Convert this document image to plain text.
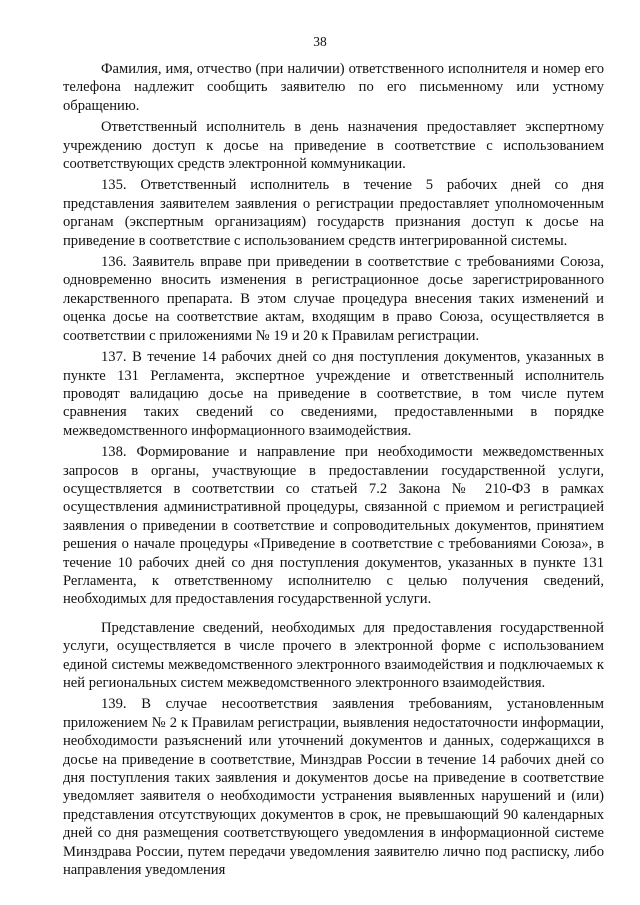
38

Фамилия, имя, отчество (при наличии) ответственного исполнителя и номер его телефона надлежит сообщить заявителю по его письменному или устному обращению.

Ответственный исполнитель в день назначения предоставляет экспертному учреждению доступ к досье на приведение в соответствие с использованием соответствующих средств электронной коммуникации.

135. Ответственный исполнитель в течение 5 рабочих дней со дня представления заявителем заявления о регистрации предоставляет уполномоченным органам (экспертным организациям) государств признания доступ к досье на приведение в соответствие с использованием средств интегрированной системы.

136. Заявитель вправе при приведении в соответствие с требованиями Союза, одновременно вносить изменения в регистрационное досье зарегистрированного лекарственного препарата. В этом случае процедура внесения таких изменений и оценка досье на соответствие актам, входящим в право Союза, осуществляется в соответствии с приложениями № 19 и 20 к Правилам регистрации.

137. В течение 14 рабочих дней со дня поступления документов, указанных в пункте 131 Регламента, экспертное учреждение и ответственный исполнитель проводят валидацию досье на приведение в соответствие, в том числе путем сравнения таких сведений со сведениями, предоставленными в порядке межведомственного информационного взаимодействия.

138. Формирование и направление при необходимости межведомственных запросов в органы, участвующие в предоставлении государственной услуги, осуществляется в соответствии со статьей 7.2 Закона № 210-ФЗ в рамках осуществления административной процедуры, связанной с приемом и регистрацией заявления о приведении в соответствие и сопроводительных документов, принятием решения о начале процедуры «Приведение в соответствие с требованиями Союза», в течение 10 рабочих дней со дня поступления документов, указанных в пункте 131 Регламента, к ответственному исполнителю с целью получения сведений, необходимых для предоставления государственной услуги.

Представление сведений, необходимых для предоставления государственной услуги, осуществляется в числе прочего в электронной форме с использованием единой системы межведомственного электронного взаимодействия и подключаемых к ней региональных систем межведомственного электронного взаимодействия.

139. В случае несоответствия заявления требованиям, установленным приложением № 2 к Правилам регистрации, выявления недостаточности информации, необходимости разъяснений или уточнений документов и данных, содержащихся в досье на приведение в соответствие, Минздрав России в течение 14 рабочих дней со дня поступления таких заявления и документов досье на приведение в соответствие уведомляет заявителя о необходимости устранения выявленных нарушений и (или) представления отсутствующих документов в срок, не превышающий 90 календарных дней со дня размещения соответствующего уведомления в информационной системе Минздрава России, путем передачи уведомления заявителю лично под расписку, либо направления уведомления
